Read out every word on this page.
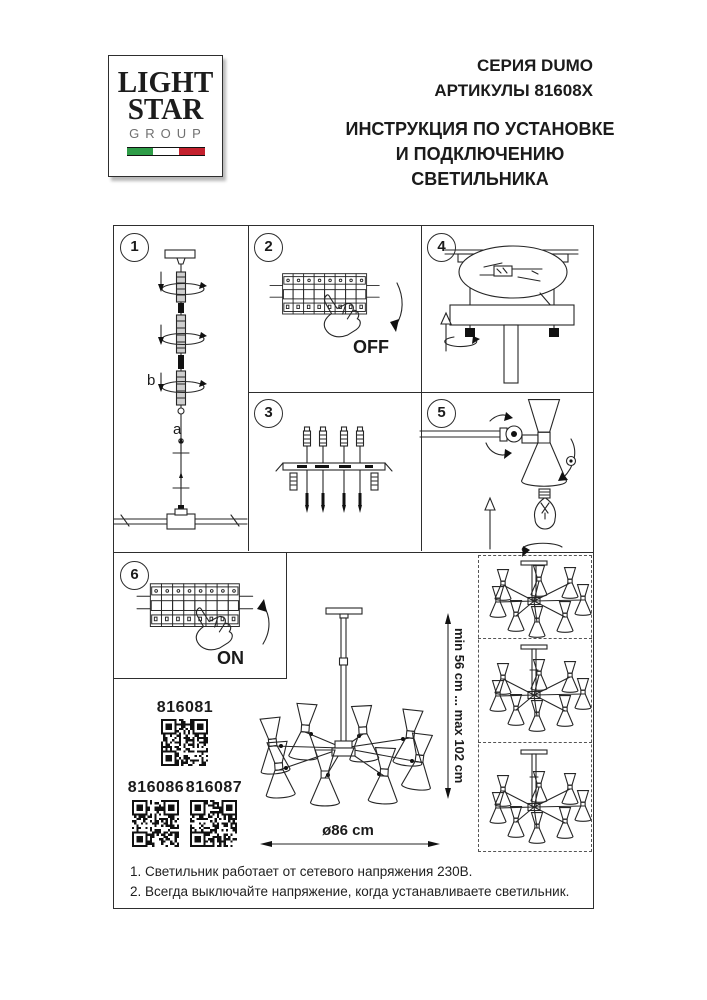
LIGHT
STAR
GROUP
СЕРИЯ DUMO
АРТИКУЛЫ 81608X
ИНСТРУКЦИЯ ПО УСТАНОВКЕ
И ПОДКЛЮЧЕНИЮ СВЕТИЛЬНИКА
1	2
3
4
5
6
b
a
OFF
ON
816081
816086 816087
min 56 cm ... max 102 cm
ø86 cm
1. Светильник работает от сетевого напряжения 230В.
2. Всегда выключайте напряжение, когда устанавливаете светильник.
